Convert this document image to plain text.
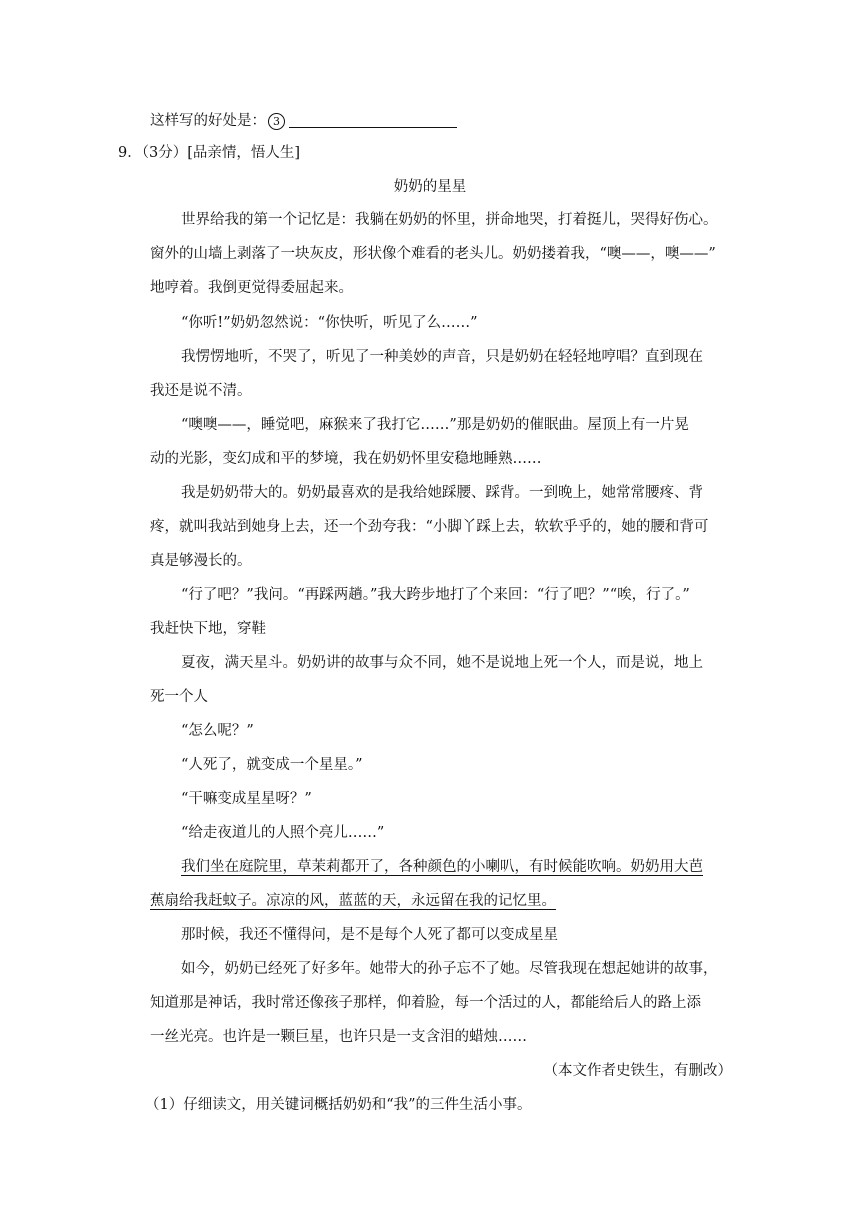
这样写的好处是： 3
9．（3分）[品亲情，悟人生]
奶奶的星星
世界给我的第一个记忆是：我躺在奶奶的怀里，拼命地哭，打着挺儿，哭得好伤心。
窗外的山墙上剥落了一块灰皮，形状像个难看的老头儿。奶奶搂着我，“噢——，噢——”
地哼着。我倒更觉得委屈起来。
“你听!”奶奶忽然说：“你快听，听见了么……”
我愣愣地听，不哭了，听见了一种美妙的声音，只是奶奶在轻轻地哼唱？直到现在
我还是说不清。
“噢噢——，睡觉吧，麻猴来了我打它……”那是奶奶的催眠曲。屋顶上有一片晃
动的光影，变幻成和平的梦境，我在奶奶怀里安稳地睡熟……
我是奶奶带大的。奶奶最喜欢的是我给她踩腰、踩背。一到晚上，她常常腰疼、背
疼，就叫我站到她身上去，还一个劲夸我：“小脚丫踩上去，软软乎乎的，她的腰和背可
真是够漫长的。
“行了吧？”我问。“再踩两趟。”我大跨步地打了个来回：“行了吧？”“唉，行了。”
我赶快下地，穿鞋
夏夜，满天星斗。奶奶讲的故事与众不同，她不是说地上死一个人，而是说，地上
死一个人
“怎么呢？”
“人死了，就变成一个星星。”
“干嘛变成星星呀？”
“给走夜道儿的人照个亮儿……”
我们坐在庭院里，草茉莉都开了，各种颜色的小喇叭，有时候能吹响。奶奶用大芭
蕉扇给我赶蚊子。凉凉的风，蓝蓝的天，永远留在我的记忆里。
那时候，我还不懂得问，是不是每个人死了都可以变成星星
如今，奶奶已经死了好多年。她带大的孙子忘不了她。尽管我现在想起她讲的故事，
知道那是神话，我时常还像孩子那样，仰着脸，每一个活过的人，都能给后人的路上添
一丝光亮。也许是一颗巨星，也许只是一支含泪的蜡烛……
（本文作者史铁生，有删改）
（1）仔细读文，用关键词概括奶奶和“我”的三件生活小事。
